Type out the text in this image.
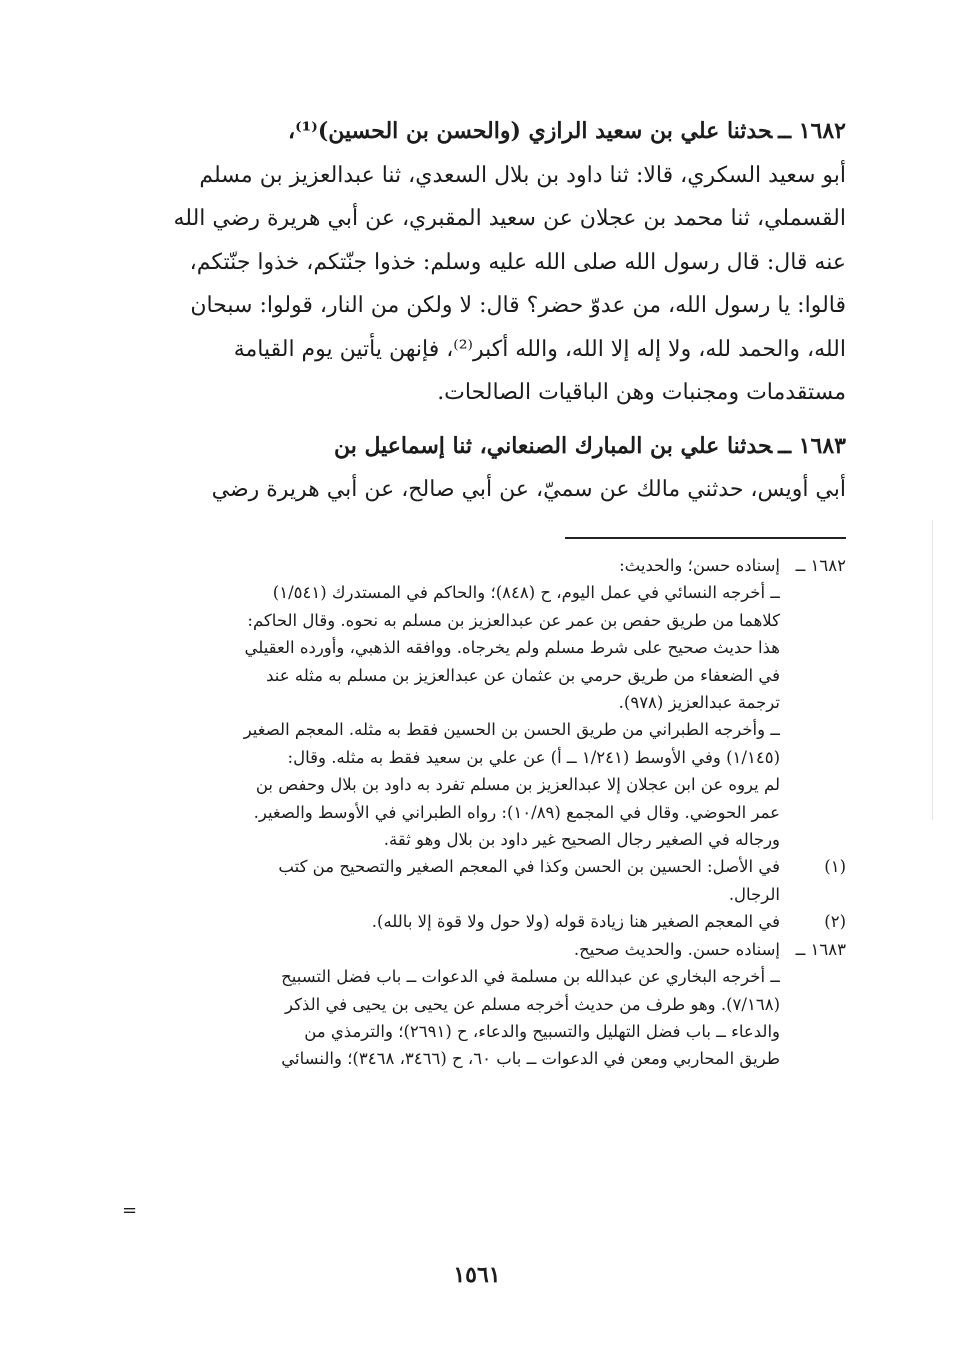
١٦٨٢ ــحدثنا علي بن سعيد الرازي (والحسن بن الحسين)⁽¹⁾،
أبو سعيد السكري، قالا: ثنا داود بن بلال السعدي، ثنا عبدالعزيز بن مسلم
القسملي، ثنا محمد بن عجلان عن سعيد المقبري، عن أبي هريرة رضي الله
عنه قال: قال رسول الله صلى الله عليه وسلم: خذوا جنّتكم، خذوا جنّتكم،
قالوا: يا رسول الله، من عدوّ حضر؟ قال: لا ولكن من النار، قولوا: سبحان
الله، والحمد لله، ولا إله إلا الله، والله أكبر⁽²⁾، فإنهن يأتين يوم القيامة
مستقدمات ومجنبات وهن الباقيات الصالحات.
١٦٨٣ ــحدثنا علي بن المبارك الصنعاني، ثنا إسماعيل بن
أبي أويس، حدثني مالك عن سميّ، عن أبي صالح، عن أبي هريرة رضي
١٦٨٢ ــ
إسناده حسن؛ والحديث:
ــ أخرجه النسائي في عمل اليوم، ح (٨٤٨)؛ والحاكم في المستدرك (١/٥٤١)
كلاهما من طريق حفص بن عمر عن عبدالعزيز بن مسلم به نحوه. وقال الحاكم:
هذا حديث صحيح على شرط مسلم ولم يخرجاه. ووافقه الذهبي، وأورده العقيلي
في الضعفاء من طريق حرمي بن عثمان عن عبدالعزيز بن مسلم به مثله عند
ترجمة عبدالعزيز (٩٧٨).
ــ وأخرجه الطبراني من طريق الحسن بن الحسين فقط به مثله. المعجم الصغير
(١/١٤٥) وفي الأوسط (١/٢٤١ ــ أ) عن علي بن سعيد فقط به مثله. وقال:
لم يروه عن ابن عجلان إلا عبدالعزيز بن مسلم تفرد به داود بن بلال وحفص بن
عمر الحوضي. وقال في المجمع (١٠/٨٩): رواه الطبراني في الأوسط والصغير.
ورجاله في الصغير رجال الصحيح غير داود بن بلال وهو ثقة.
(١)
في الأصل: الحسين بن الحسن وكذا في المعجم الصغير والتصحيح من كتب
الرجال.
(٢)
في المعجم الصغير هنا زيادة قوله (ولا حول ولا قوة إلا بالله).
١٦٨٣ ــ
إسناده حسن. والحديث صحيح.
ــ أخرجه البخاري عن عبدالله بن مسلمة في الدعوات ــ باب فضل التسبيح
(٧/١٦٨). وهو طرف من حديث أخرجه مسلم عن يحيى بن يحيى في الذكر
والدعاء ــ باب فضل التهليل والتسبيح والدعاء، ح (٢٦٩١)؛ والترمذي من
طريق المحاربي ومعن في الدعوات ــ باب ٦٠، ح (٣٤٦٦، ٣٤٦٨)؛ والنسائي
=
١٥٦١
